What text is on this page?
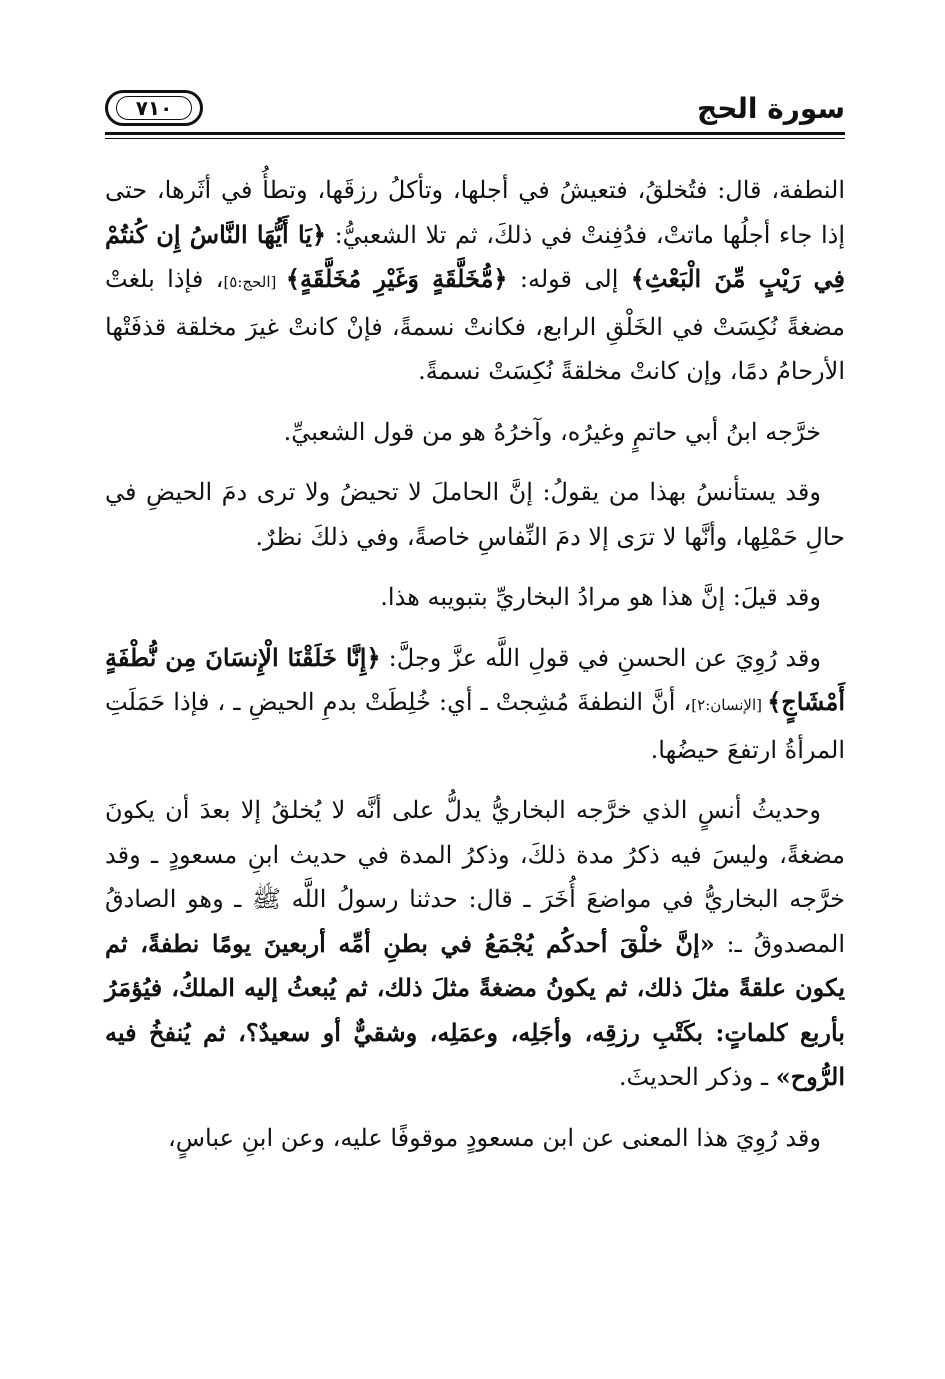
٧١٠	سورة الحج

النطفة، قال: فتُخلقُ، فتعيشُ في أجلها، وتأكلُ رزقَها، وتطأُ في أثَرها، حتى إذا جاء أجلُها ماتتْ، فدُفِنتْ في ذلكَ، ثم تلا الشعبيُّ: ﴿يَا أَيُّهَا النَّاسُ إِن كُنتُمْ فِي رَيْبٍ مِّنَ الْبَعْثِ﴾ إلى قوله: ﴿مُّخَلَّقَةٍ وَغَيْرِ مُخَلَّقَةٍ﴾ [الحج:٥]، فإذا بلغتْ مضغةً نُكِسَتْ في الخَلْقِ الرابع، فكانتْ نسمةً، فإنْ كانتْ غيرَ مخلقة قذفَتْها الأرحامُ دمًا، وإن كانتْ مخلقةً نُكِسَتْ نسمةً.

خرَّجه ابنُ أبي حاتمٍ وغيرُه، وآخرُهُ هو من قول الشعبيِّ.

وقد يستأنسُ بهذا من يقولُ: إنَّ الحاملَ لا تحيضُ ولا ترى دمَ الحيضِ في حالِ حَمْلِها، وأنَّها لا ترَى إلا دمَ النِّفاسِ خاصةً، وفي ذلكَ نظرٌ.

وقد قيلَ: إنَّ هذا هو مرادُ البخاريِّ بتبويبه هذا.

وقد رُوِيَ عن الحسنِ في قولِ اللَّه عزَّ وجلَّ: ﴿إِنَّا خَلَقْنَا الْإِنسَانَ مِن نُّطْفَةٍ أَمْشَاجٍ﴾ [الإنسان:٢]، أنَّ النطفةَ مُشِجتْ ـ أي: خُلِطَتْ بدمِ الحيضِ ـ ، فإذا حَمَلَتِ المرأةُ ارتفعَ حيضُها.

وحديثُ أنسٍ الذي خرَّجه البخاريُّ يدلُّ على أنَّه لا يُخلقُ إلا بعدَ أن يكونَ مضغةً، وليسَ فيه ذكرُ مدة ذلكَ، وذكرُ المدة في حديث ابنِ مسعودٍ ـ وقد خرَّجه البخاريُّ في مواضعَ أُخَرَ ـ قال: حدثنا رسولُ اللَّه ﷺ ـ وهو الصادقُ المصدوقُ ـ: «إنَّ خلْقَ أحدكُم يُجْمَعُ في بطنِ أمِّه أربعينَ يومًا نطفةً، ثم يكون علقةً مثلَ ذلك، ثم يكونُ مضغةً مثلَ ذلك، ثم يُبعثُ إليه الملكُ، فيُؤمَرُ بأربع كلماتٍ: بكَتْبِ رزقِه، وأجَلِه، وعمَلِه، وشقيٌّ أو سعيدٌ؟، ثم يُنفخُ فيه الرُّوح» ـ وذكر الحديثَ.

وقد رُوِيَ هذا المعنى عن ابن مسعودٍ موقوفًا عليه، وعن ابنِ عباسٍ،
